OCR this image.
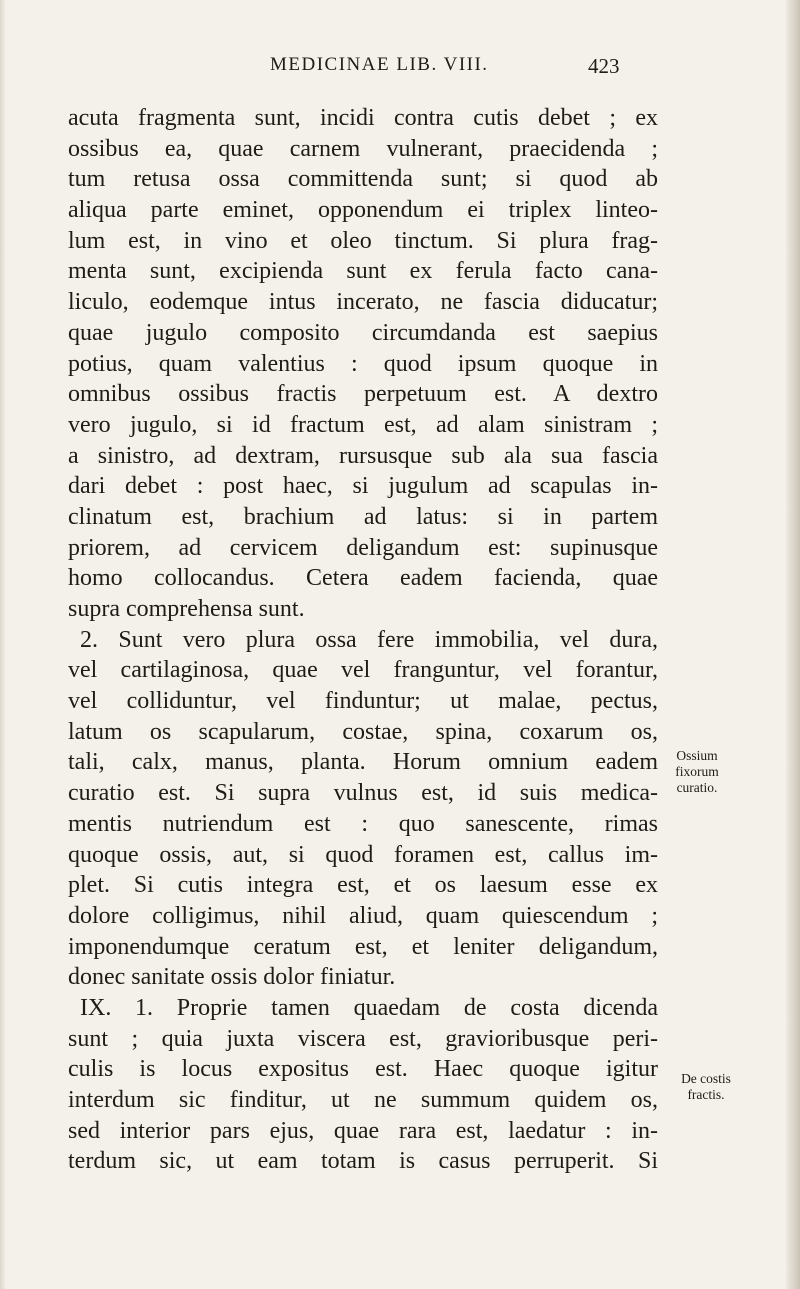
MEDICINAE LIB. VIII.	423
acuta fragmenta sunt, incidi contra cutis debet ; ex
ossibus ea, quae carnem vulnerant, praecidenda ;
tum retusa ossa committenda sunt; si quod ab
aliqua parte eminet, opponendum ei triplex linteo-
lum est, in vino et oleo tinctum. Si plura frag-
menta sunt, excipienda sunt ex ferula facto cana-
liculo, eodemque intus incerato, ne fascia diducatur;
quae jugulo composito circumdanda est saepius
potius, quam valentius : quod ipsum quoque in
omnibus ossibus fractis perpetuum est. A dextro
vero jugulo, si id fractum est, ad alam sinistram ;
a sinistro, ad dextram, rursusque sub ala sua fascia
dari debet : post haec, si jugulum ad scapulas in-
clinatum est, brachium ad latus: si in partem
priorem, ad cervicem deligandum est: supinusque
homo collocandus. Cetera eadem facienda, quae
supra comprehensa sunt.
2. Sunt vero plura ossa fere immobilia, vel dura,
vel cartilaginosa, quae vel franguntur, vel forantur,
vel colliduntur, vel finduntur; ut malae, pectus,
latum os scapularum, costae, spina, coxarum os,
tali, calx, manus, planta. Horum omnium eadem
curatio est. Si supra vulnus est, id suis medica-
mentis nutriendum est : quo sanescente, rimas
quoque ossis, aut, si quod foramen est, callus im-
plet. Si cutis integra est, et os laesum esse ex
dolore colligimus, nihil aliud, quam quiescendum ;
imponendumque ceratum est, et leniter deligandum,
donec sanitate ossis dolor finiatur.
IX. 1. Proprie tamen quaedam de costa dicenda
sunt ; quia juxta viscera est, gravioribusque peri-
culis is locus expositus est. Haec quoque igitur
interdum sic finditur, ut ne summum quidem os,
sed interior pars ejus, quae rara est, laedatur : in-
terdum sic, ut eam totam is casus perruperit. Si
Ossium fixorum curatio.
De costis fractis.
